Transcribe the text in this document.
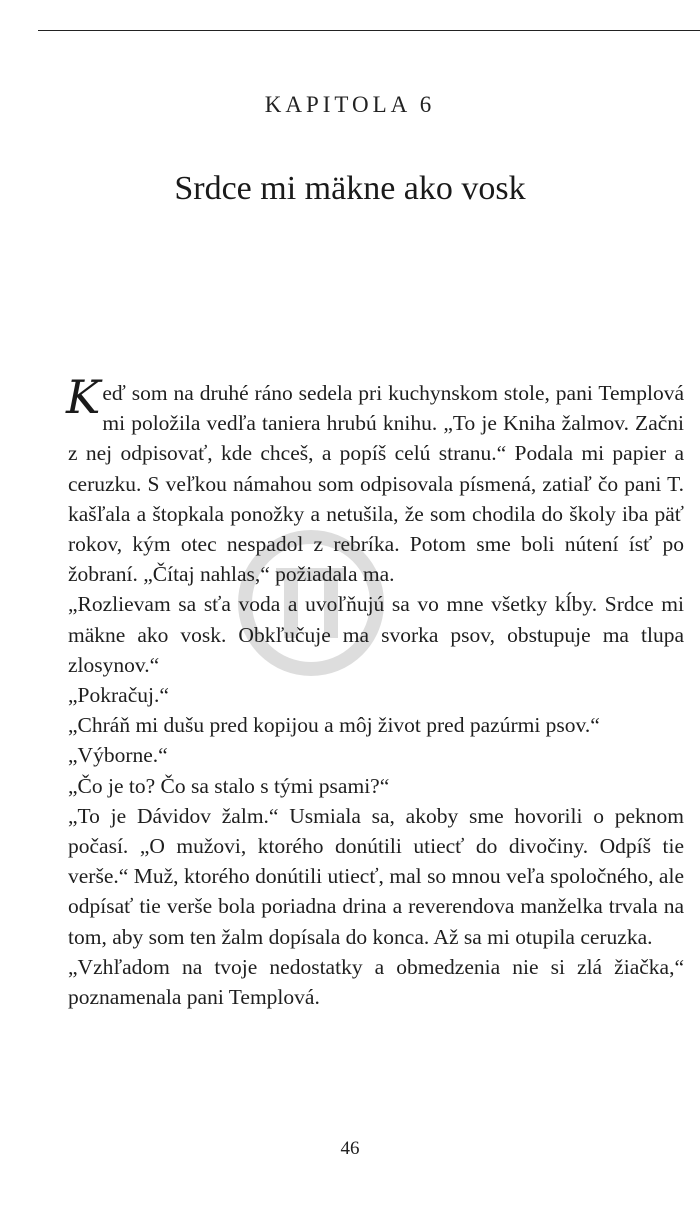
KAPITOLA 6
Srdce mi mäkne ako vosk

Keď som na druhé ráno sedela pri kuchynskom stole, pani Templová mi položila vedľa taniera hrubú knihu. „To je Kniha žalmov. Začni z nej odpisovať, kde chceš, a popíš celú stranu.“ Podala mi papier a ceruzku. S veľkou námahou som odpisovala písmená, zatiaľ čo pani T. kašľala a štopkala ponožky a netušila, že som chodila do školy iba päť rokov, kým otec nespadol z rebríka. Potom sme boli nútení ísť po žobraní. „Čítaj nahlas,“ požiadala ma.

„Rozlievam sa sťa voda a uvoľňujú sa vo mne všetky kĺby. Srdce mi mäkne ako vosk. Obkľučuje ma svorka psov, obstupuje ma tlupa zlosynov.“

„Pokračuj.“

„Chráň mi dušu pred kopijou a môj život pred pazúrmi psov.“

„Výborne.“

„Čo je to? Čo sa stalo s tými psami?“

„To je Dávidov žalm.“ Usmiala sa, akoby sme hovorili o peknom počasí. „O mužovi, ktorého donútili utiecť do divočiny. Odpíš tie verše.“ Muž, ktorého donútili utiecť, mal so mnou veľa spoločného, ale odpísať tie verše bola poriadna drina a reverendova manželka trvala na tom, aby som ten žalm dopísala do konca. Až sa mi otupila ceruzka.

„Vzhľadom na tvoje nedostatky a obmedzenia nie si zlá žiačka,“ poznamenala pani Templová.

46
